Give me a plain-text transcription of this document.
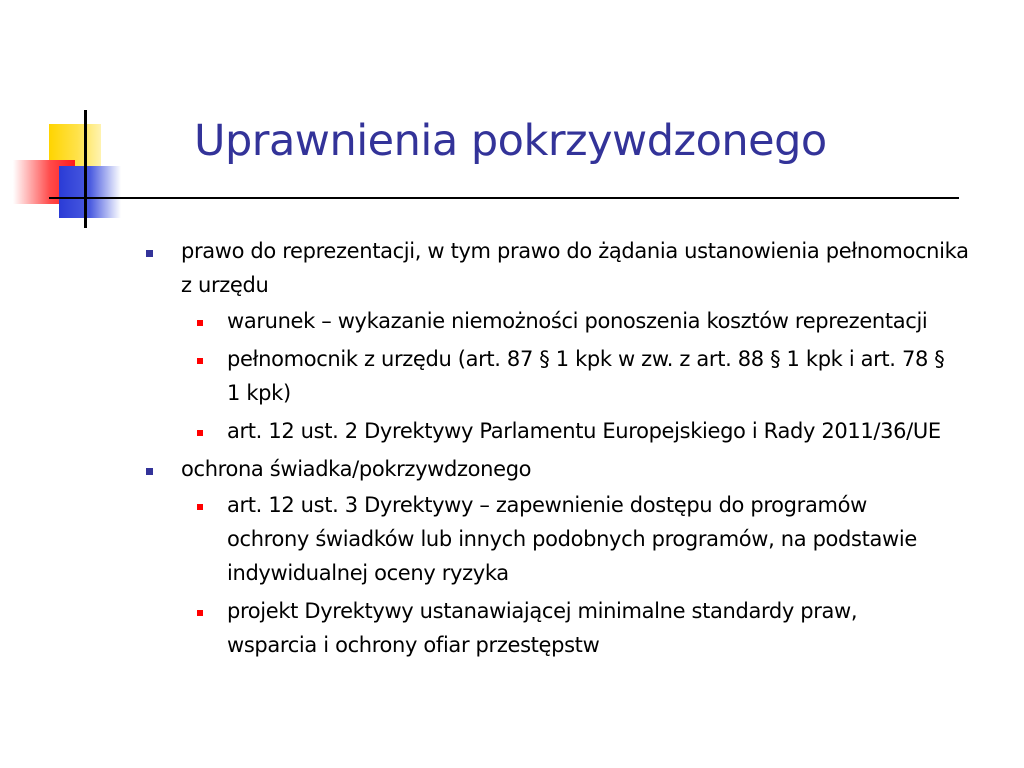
Uprawnienia pokrzywdzonego
prawo do reprezentacji, w tym prawo do żądania ustanowienia pełnomocnika z urzędu
warunek – wykazanie niemożności ponoszenia kosztów reprezentacji
pełnomocnik z urzędu (art. 87 § 1 kpk w zw. z art. 88 § 1 kpk i art. 78 § 1 kpk)
art. 12 ust. 2 Dyrektywy Parlamentu Europejskiego i Rady 2011/36/UE
ochrona świadka/pokrzywdzonego
art. 12 ust. 3 Dyrektywy – zapewnienie dostępu do programów ochrony świadków lub innych podobnych programów, na podstawie indywidualnej oceny ryzyka
projekt Dyrektywy ustanawiającej minimalne standardy praw, wsparcia i ochrony ofiar przestępstw
